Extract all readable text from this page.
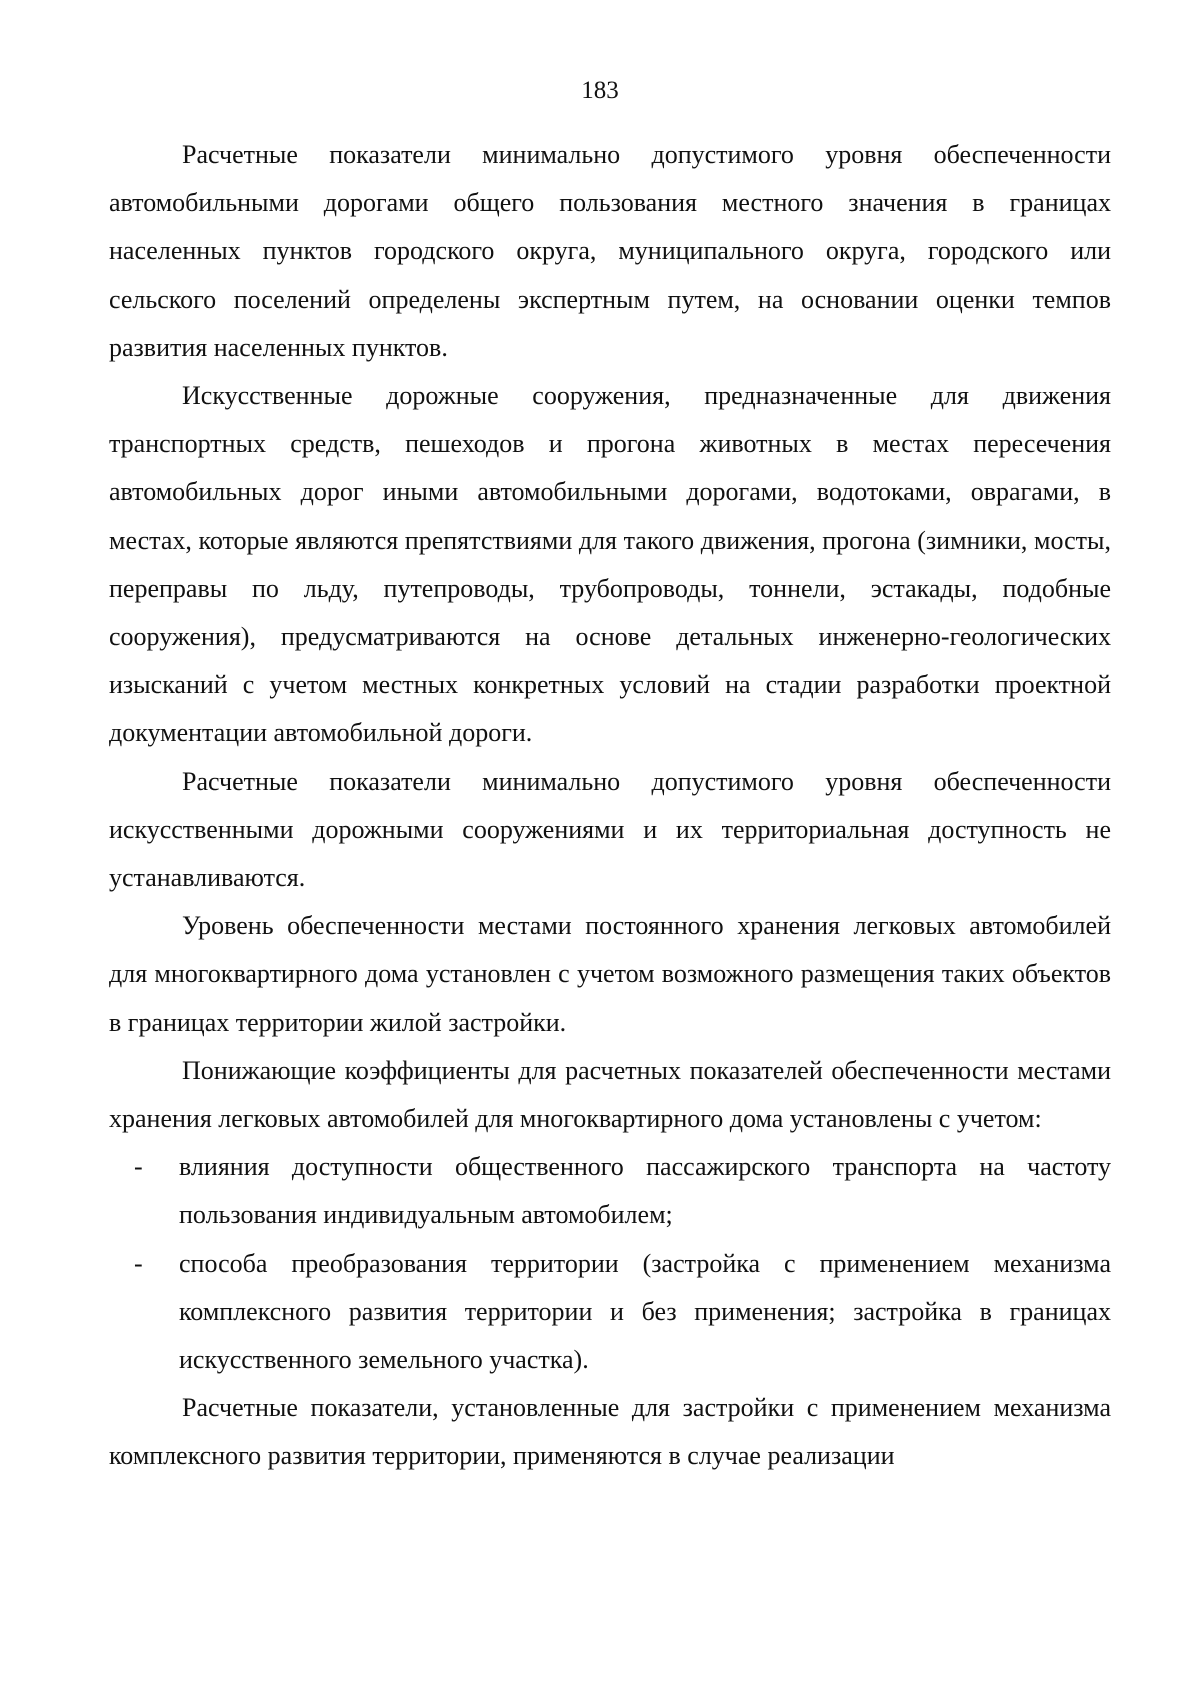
183

Расчетные показатели минимально допустимого уровня обеспеченности автомобильными дорогами общего пользования местного значения в границах населенных пунктов городского округа, муниципального округа, городского или сельского поселений определены экспертным путем, на основании оценки темпов развития населенных пунктов.

Искусственные дорожные сооружения, предназначенные для движения транспортных средств, пешеходов и прогона животных в местах пересечения автомобильных дорог иными автомобильными дорогами, водотоками, оврагами, в местах, которые являются препятствиями для такого движения, прогона (зимники, мосты, переправы по льду, путепроводы, трубопроводы, тоннели, эстакады, подобные сооружения), предусматриваются на основе детальных инженерно-геологических изысканий с учетом местных конкретных условий на стадии разработки проектной документации автомобильной дороги.

Расчетные показатели минимально допустимого уровня обеспеченности искусственными дорожными сооружениями и их территориальная доступность не устанавливаются.

Уровень обеспеченности местами постоянного хранения легковых автомобилей для многоквартирного дома установлен с учетом возможного размещения таких объектов в границах территории жилой застройки.

Понижающие коэффициенты для расчетных показателей обеспеченности местами хранения легковых автомобилей для многоквартирного дома установлены с учетом:

- влияния доступности общественного пассажирского транспорта на частоту пользования индивидуальным автомобилем;
- способа преобразования территории (застройка с применением механизма комплексного развития территории и без применения; застройка в границах искусственного земельного участка).

Расчетные показатели, установленные для застройки с применением механизма комплексного развития территории, применяются в случае реализации
